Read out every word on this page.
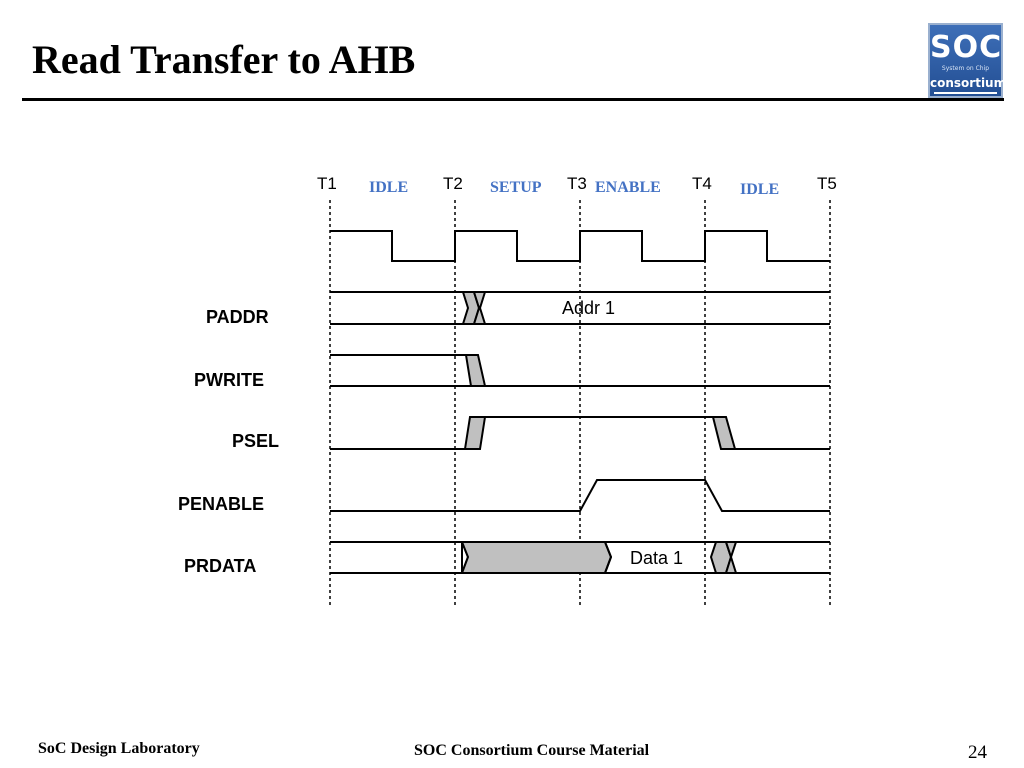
Read Transfer to AHB	SOC
System on Chip
consortium
T1	T2	T3	T4	T5
IDLE	SETUP	ENABLE	IDLE
PADDR
PWRITE
PSEL
PENABLE
PRDATA
Addr 1
Data 1
SoC Design Laboratory	SOC Consortium Course Material	24
